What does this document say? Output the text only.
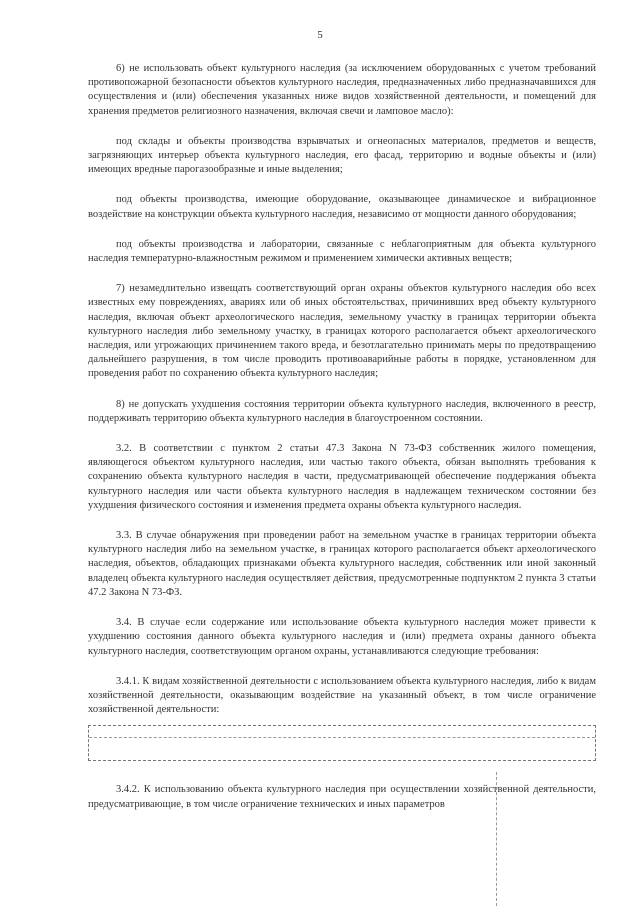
5

6) не использовать объект культурного наследия (за исключением оборудованных с учетом требований противопожарной безопасности объектов культурного наследия, предназначенных либо предназначавшихся для осуществления и (или) обеспечения указанных ниже видов хозяйственной деятельности, и помещений для хранения предметов религиозного назначения, включая свечи и ламповое масло):

под склады и объекты производства взрывчатых и огнеопасных материалов, предметов и веществ, загрязняющих интерьер объекта культурного наследия, его фасад, территорию и водные объекты и (или) имеющих вредные парогазообразные и иные выделения;

под объекты производства, имеющие оборудование, оказывающее динамическое и вибрационное воздействие на конструкции объекта культурного наследия, независимо от мощности данного оборудования;

под объекты производства и лаборатории, связанные с неблагоприятным для объекта культурного наследия температурно-влажностным режимом и применением химически активных веществ;

7) незамедлительно извещать соответствующий орган охраны объектов культурного наследия обо всех известных ему повреждениях, авариях или об иных обстоятельствах, причинивших вред объекту культурного наследия, включая объект археологического наследия, земельному участку в границах территории объекта культурного наследия либо земельному участку, в границах которого располагается объект археологического наследия, или угрожающих причинением такого вреда, и безотлагательно принимать меры по предотвращению дальнейшего разрушения, в том числе проводить противоаварийные работы в порядке, установленном для проведения работ по сохранению объекта культурного наследия;

8) не допускать ухудшения состояния территории объекта культурного наследия, включенного в реестр, поддерживать территорию объекта культурного наследия в благоустроенном состоянии.

3.2. В соответствии с пунктом 2 статьи 47.3 Закона N 73-ФЗ собственник жилого помещения, являющегося объектом культурного наследия, или частью такого объекта, обязан выполнять требования к сохранению объекта культурного наследия в части, предусматривающей обеспечение поддержания объекта культурного наследия или части объекта культурного наследия в надлежащем техническом состоянии без ухудшения физического состояния и изменения предмета охраны объекта культурного наследия.

3.3. В случае обнаружения при проведении работ на земельном участке в границах территории объекта культурного наследия либо на земельном участке, в границах которого располагается объект археологического наследия, объектов, обладающих признаками объекта культурного наследия, собственник или иной законный владелец объекта культурного наследия осуществляет действия, предусмотренные подпунктом 2 пункта 3 статьи 47.2 Закона N 73-ФЗ.

3.4. В случае если содержание или использование объекта культурного наследия может привести к ухудшению состояния данного объекта культурного наследия и (или) предмета охраны данного объекта культурного наследия, соответствующим органом охраны, устанавливаются следующие требования:

3.4.1. К видам хозяйственной деятельности с использованием объекта культурного наследия, либо к видам хозяйственной деятельности, оказывающим воздействие на указанный объект, в том числе ограничение хозяйственной деятельности:

3.4.2. К использованию объекта культурного наследия при осуществлении хозяйственной деятельности, предусматривающие, в том числе ограничение технических и иных параметров
